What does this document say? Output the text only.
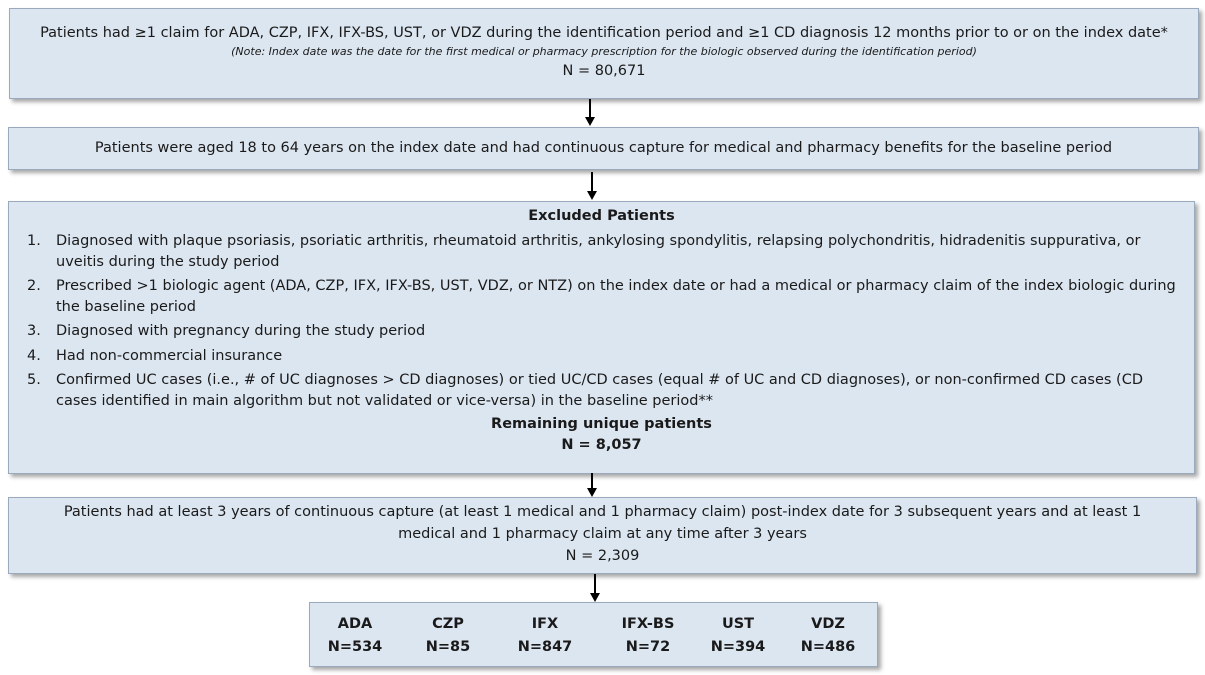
Patients had ≥1 claim for ADA, CZP, IFX, IFX-BS, UST, or VDZ during the identification period and ≥1 CD diagnosis 12 months prior to or on the index date*
(Note: Index date was the date for the first medical or pharmacy prescription for the biologic observed during the identification period)
N = 80,671
Patients were aged 18 to 64 years on the index date and had continuous capture for medical and pharmacy benefits for the baseline period
Excluded Patients
1. Diagnosed with plaque psoriasis, psoriatic arthritis, rheumatoid arthritis, ankylosing spondylitis, relapsing polychondritis, hidradenitis suppurativa, or uveitis during the study period
2. Prescribed >1 biologic agent (ADA, CZP, IFX, IFX-BS, UST, VDZ, or NTZ) on the index date or had a medical or pharmacy claim of the index biologic during the baseline period
3. Diagnosed with pregnancy during the study period
4. Had non-commercial insurance
5. Confirmed UC cases (i.e., # of UC diagnoses > CD diagnoses) or tied UC/CD cases (equal # of UC and CD diagnoses), or non-confirmed CD cases (CD cases identified in main algorithm but not validated or vice-versa) in the baseline period**
Remaining unique patients
N = 8,057
Patients had at least 3 years of continuous capture (at least 1 medical and 1 pharmacy claim) post-index date for 3 subsequent years and at least 1
medical and 1 pharmacy claim at any time after 3 years
N = 2,309
ADA
N=534
CZP
N=85
IFX
N=847
IFX-BS
N=72
UST
N=394
VDZ
N=486
